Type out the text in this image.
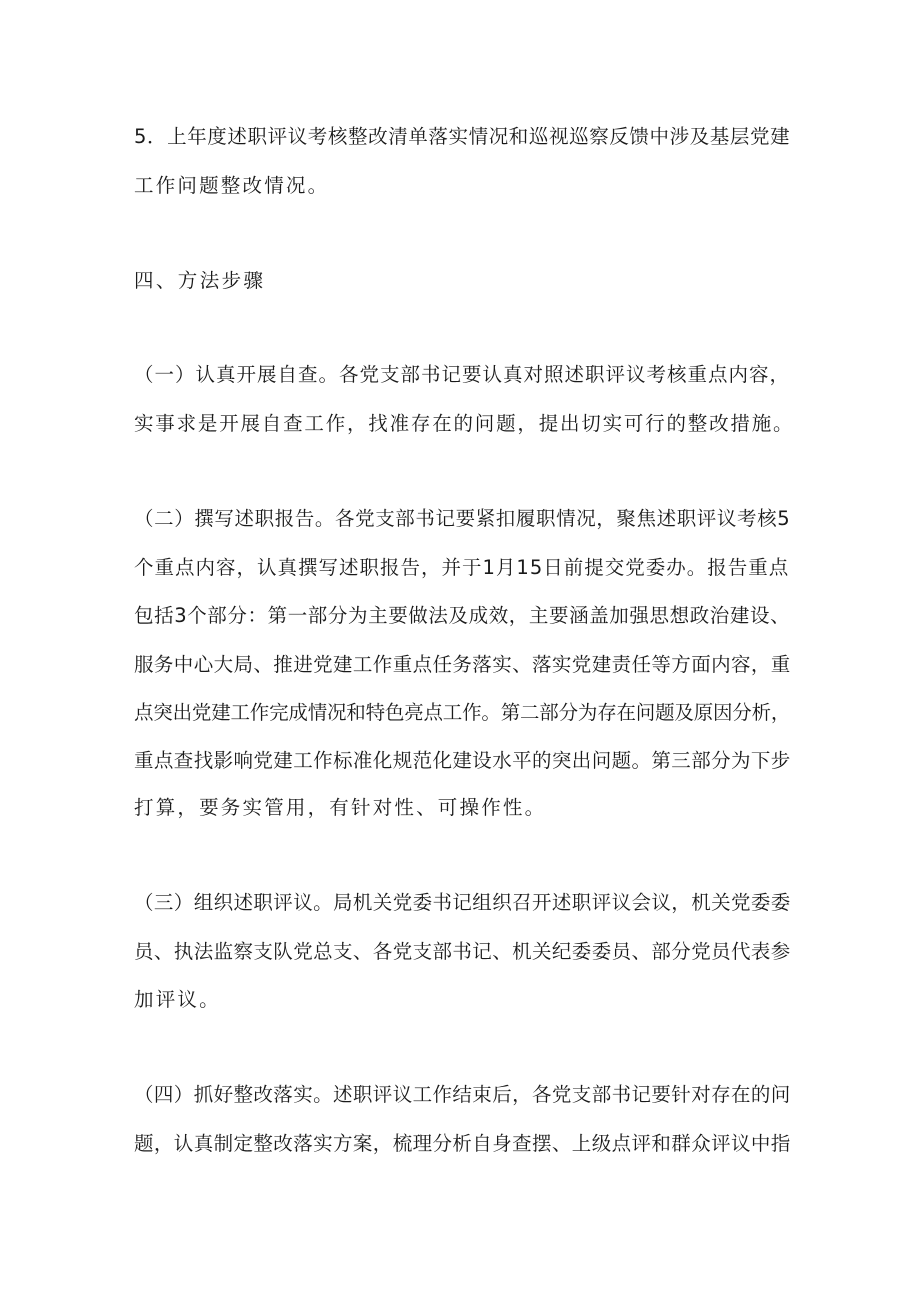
5．上年度述职评议考核整改清单落实情况和巡视巡察反馈中涉及基层党建

工作问题整改情况。

四、方法步骤

（一）认真开展自查。各党支部书记要认真对照述职评议考核重点内容，

实事求是开展自查工作，找准存在的问题，提出切实可行的整改措施。

（二）撰写述职报告。各党支部书记要紧扣履职情况，聚焦述职评议考核5

个重点内容，认真撰写述职报告，并于1月15日前提交党委办。报告重点

包括3个部分：第一部分为主要做法及成效，主要涵盖加强思想政治建设、

服务中心大局、推进党建工作重点任务落实、落实党建责任等方面内容，重

点突出党建工作完成情况和特色亮点工作。第二部分为存在问题及原因分析，

重点查找影响党建工作标准化规范化建设水平的突出问题。第三部分为下步

打算，要务实管用，有针对性、可操作性。

（三）组织述职评议。局机关党委书记组织召开述职评议会议，机关党委委

员、执法监察支队党总支、各党支部书记、机关纪委委员、部分党员代表参

加评议。

（四）抓好整改落实。述职评议工作结束后，各党支部书记要针对存在的问

题，认真制定整改落实方案，梳理分析自身查摆、上级点评和群众评议中指
